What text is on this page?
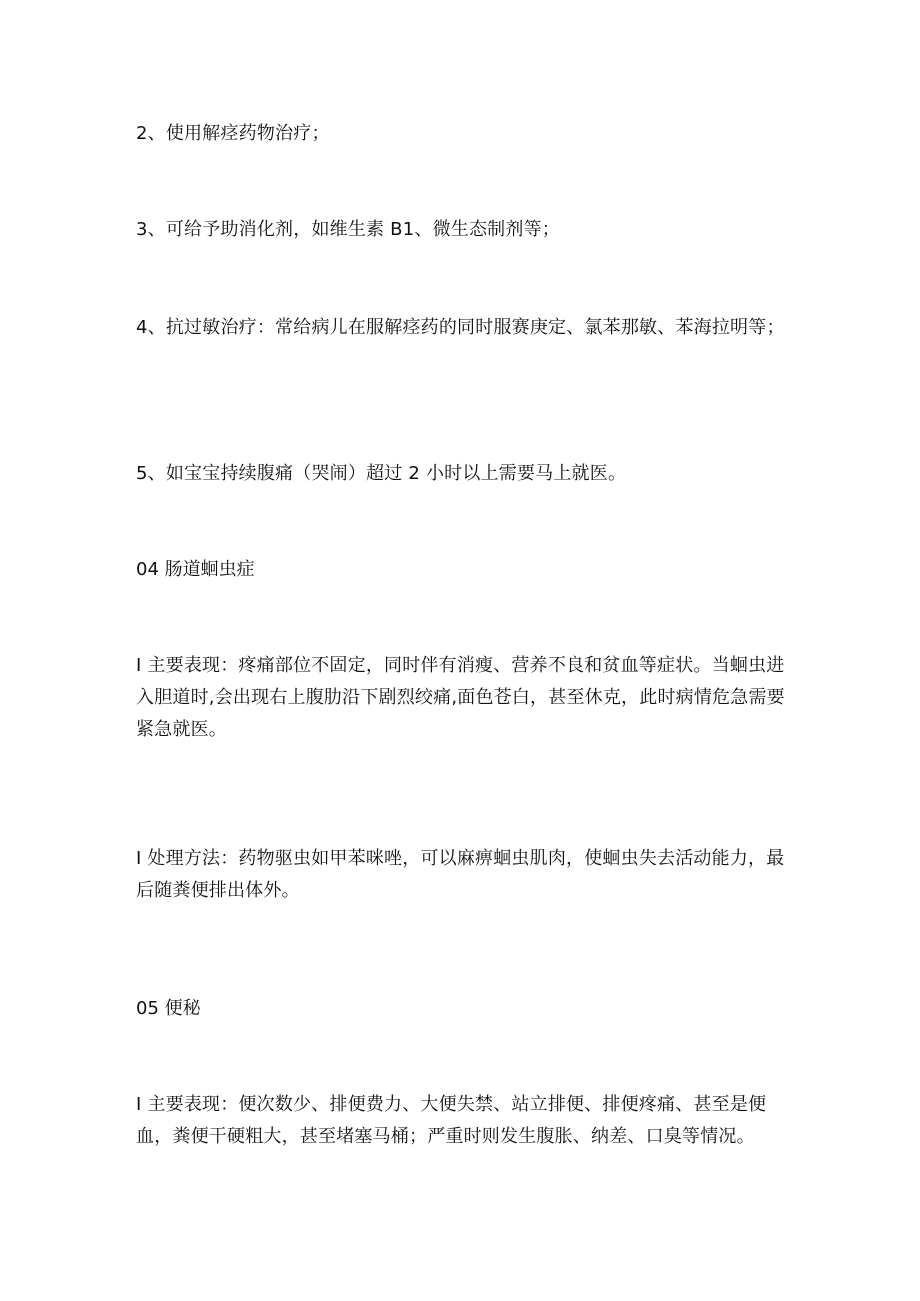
2、使用解痉药物治疗；

3、可给予助消化剂，如维生素 B1、微生态制剂等；

4、抗过敏治疗：常给病儿在服解痉药的同时服赛庚定、氯苯那敏、苯海拉明等；

5、如宝宝持续腹痛（哭闹）超过 2 小时以上需要马上就医。

04 肠道蛔虫症

I 主要表现：疼痛部位不固定，同时伴有消瘦、营养不良和贫血等症状。当蛔虫进入胆道时,会出现右上腹肋沿下剧烈绞痛,面色苍白，甚至休克，此时病情危急需要紧急就医。

I 处理方法：药物驱虫如甲苯咪唑，可以麻痹蛔虫肌肉，使蛔虫失去活动能力，最后随粪便排出体外。

05 便秘

I 主要表现：便次数少、排便费力、大便失禁、站立排便、排便疼痛、甚至是便血，粪便干硬粗大，甚至堵塞马桶；严重时则发生腹胀、纳差、口臭等情况。
